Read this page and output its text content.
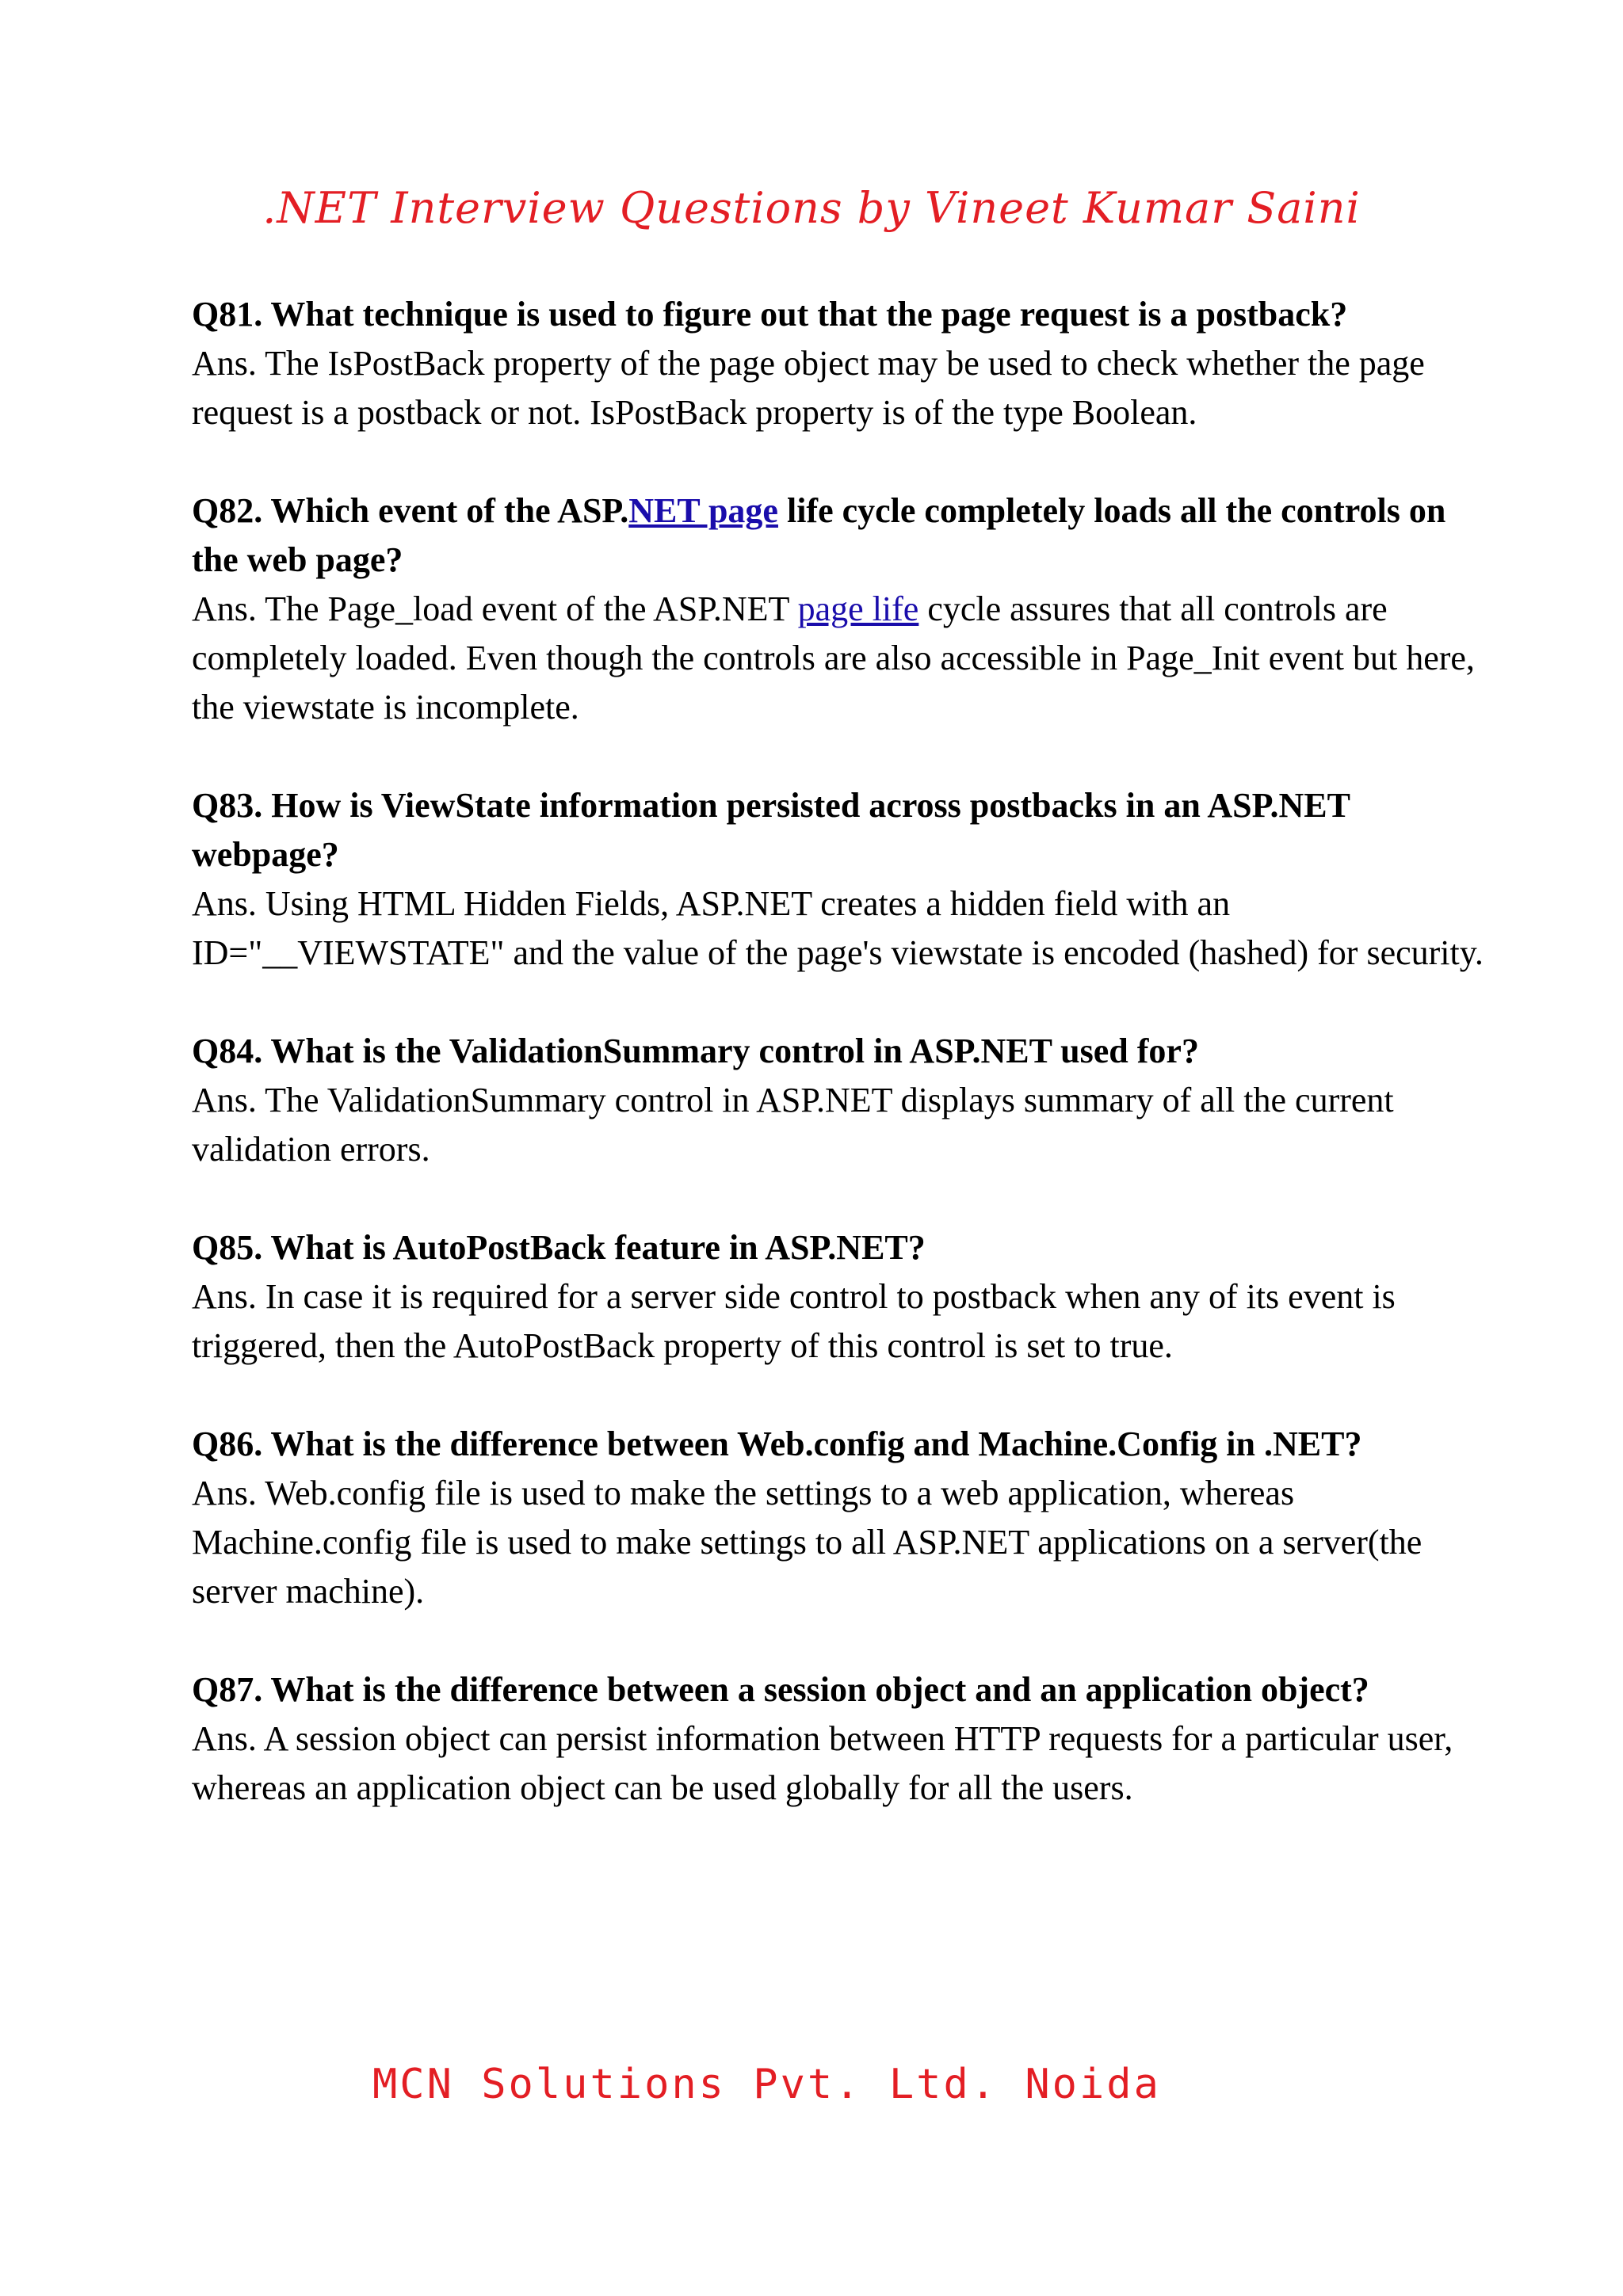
.NET Interview Questions by Vineet Kumar Saini
Q81. What technique is used to figure out that the page request is a postback?
Ans. The IsPostBack property of the page object may be used to check whether the page request is a postback or not. IsPostBack property is of the type Boolean.
Q82. Which event of the ASP.NET page life cycle completely loads all the controls on the web page?
Ans. The Page_load event of the ASP.NET page life cycle assures that all controls are completely loaded. Even though the controls are also accessible in Page_Init event but here, the viewstate is incomplete.
Q83. How is ViewState information persisted across postbacks in an ASP.NET webpage?
Ans. Using HTML Hidden Fields, ASP.NET creates a hidden field with an ID="__VIEWSTATE" and the value of the page's viewstate is encoded (hashed) for security.
Q84. What is the ValidationSummary control in ASP.NET used for?
Ans. The ValidationSummary control in ASP.NET displays summary of all the current validation errors.
Q85. What is AutoPostBack feature in ASP.NET?
Ans. In case it is required for a server side control to postback when any of its event is triggered, then the AutoPostBack property of this control is set to true.
Q86. What is the difference between Web.config and Machine.Config in .NET?
Ans. Web.config file is used to make the settings to a web application, whereas Machine.config file is used to make settings to all ASP.NET applications on a server(the server machine).
Q87. What is the difference between a session object and an application object?
Ans. A session object can persist information between HTTP requests for a particular user, whereas an application object can be used globally for all the users.
MCN Solutions Pvt. Ltd. Noida
